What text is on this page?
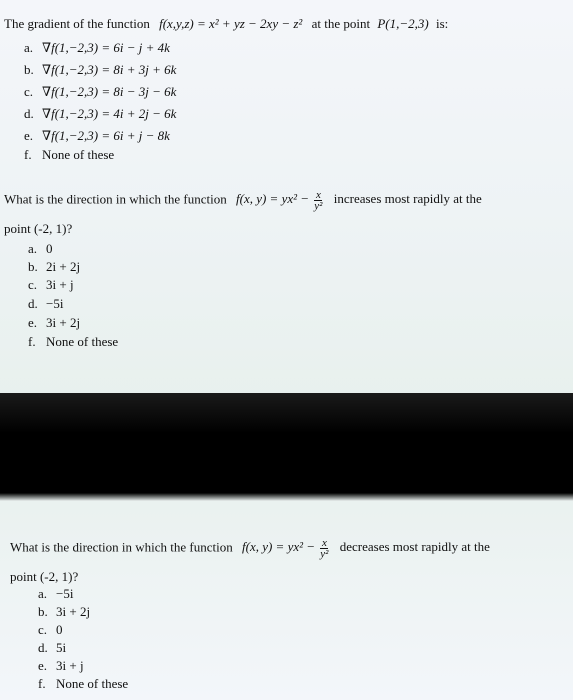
The gradient of the function f(x,y,z) = x² + yz − 2xy − z² at the point P(1,−2,3) is:
a. ∇f(1,−2,3) = 6i − j + 4k
b. ∇f(1,−2,3) = 8i + 3j + 6k
c. ∇f(1,−2,3) = 8i − 3j − 6k
d. ∇f(1,−2,3) = 4i + 2j − 6k
e. ∇f(1,−2,3) = 6i + j − 8k
f. None of these
What is the direction in which the function f(x, $y) = yx^2 - \frac{x}{\text{y²}}$ increases most rapidly at the
point (-2, 1)?
a. 0
b. 2i + 2j
c. 3i + j
d. −5i
e. 3i + 2j
f. None of these
What is the direction in which the function f(x, $y) = yx^2 - \frac{x}{\text{y²}}$ decreases most rapidly at the
point (-2, 1)?
a. −5i
b. 3i + 2j
c. 0
d. 5i
e. 3i + j
f. None of these
